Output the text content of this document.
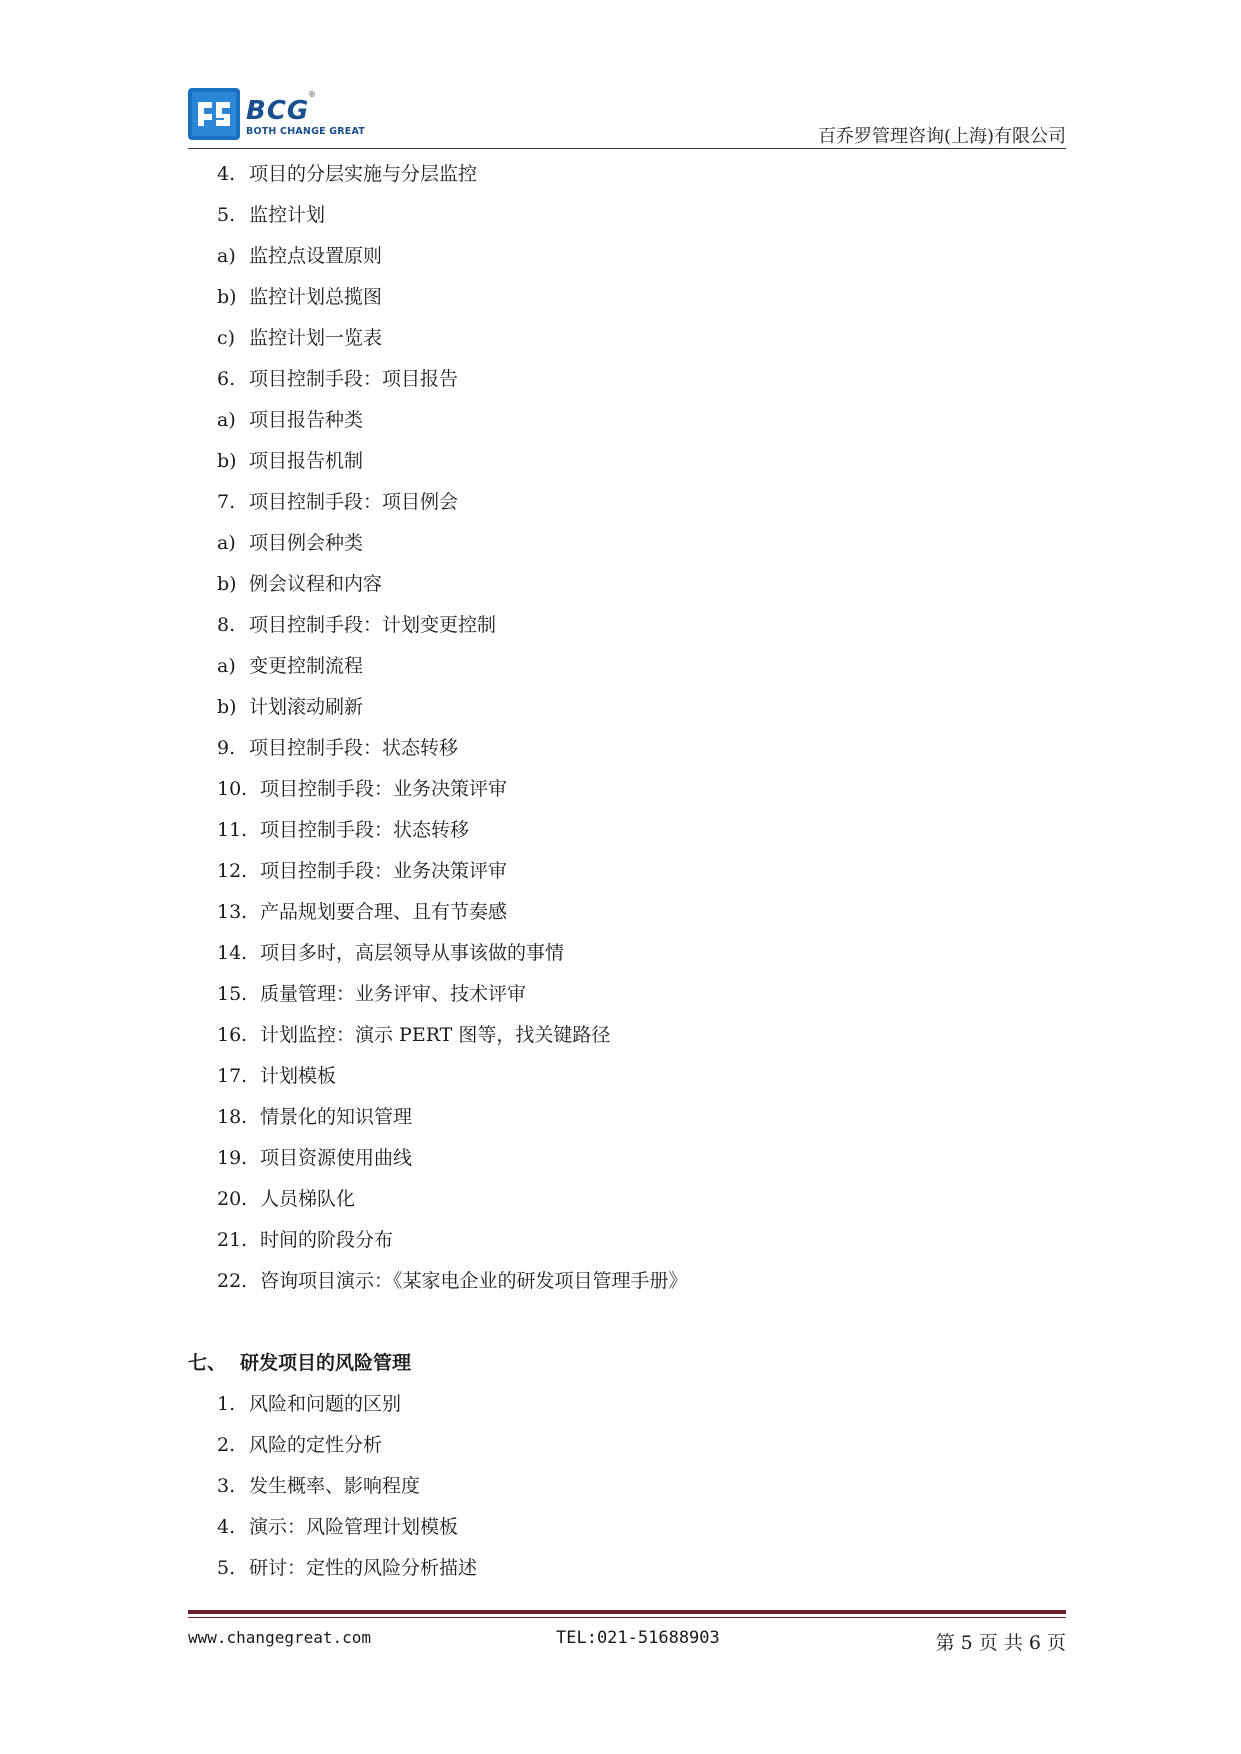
BCG
®
BOTH CHANGE GREAT	百乔罗管理咨询(上海)有限公司
4. 项目的分层实施与分层监控
5. 监控计划
a) 监控点设置原则
b) 监控计划总揽图
c) 监控计划一览表
6. 项目控制手段：项目报告
a) 项目报告种类
b) 项目报告机制
7. 项目控制手段：项目例会
a) 项目例会种类
b) 例会议程和内容
8. 项目控制手段：计划变更控制
a) 变更控制流程
b) 计划滚动刷新
9. 项目控制手段：状态转移
10. 项目控制手段：业务决策评审
11. 项目控制手段：状态转移
12. 项目控制手段：业务决策评审
13. 产品规划要合理、且有节奏感
14. 项目多时，高层领导从事该做的事情
15. 质量管理：业务评审、技术评审
16. 计划监控：演示 PERT 图等，找关键路径
17. 计划模板
18. 情景化的知识管理
19. 项目资源使用曲线
20. 人员梯队化
21. 时间的阶段分布
22. 咨询项目演示：《某家电企业的研发项目管理手册》
七、 研发项目的风险管理
1. 风险和问题的区别
2. 风险的定性分析
3. 发生概率、影响程度
4. 演示：风险管理计划模板
5. 研讨：定性的风险分析描述
www.changegreat.com	TEL:021-51688903	第 5 页 共 6 页
